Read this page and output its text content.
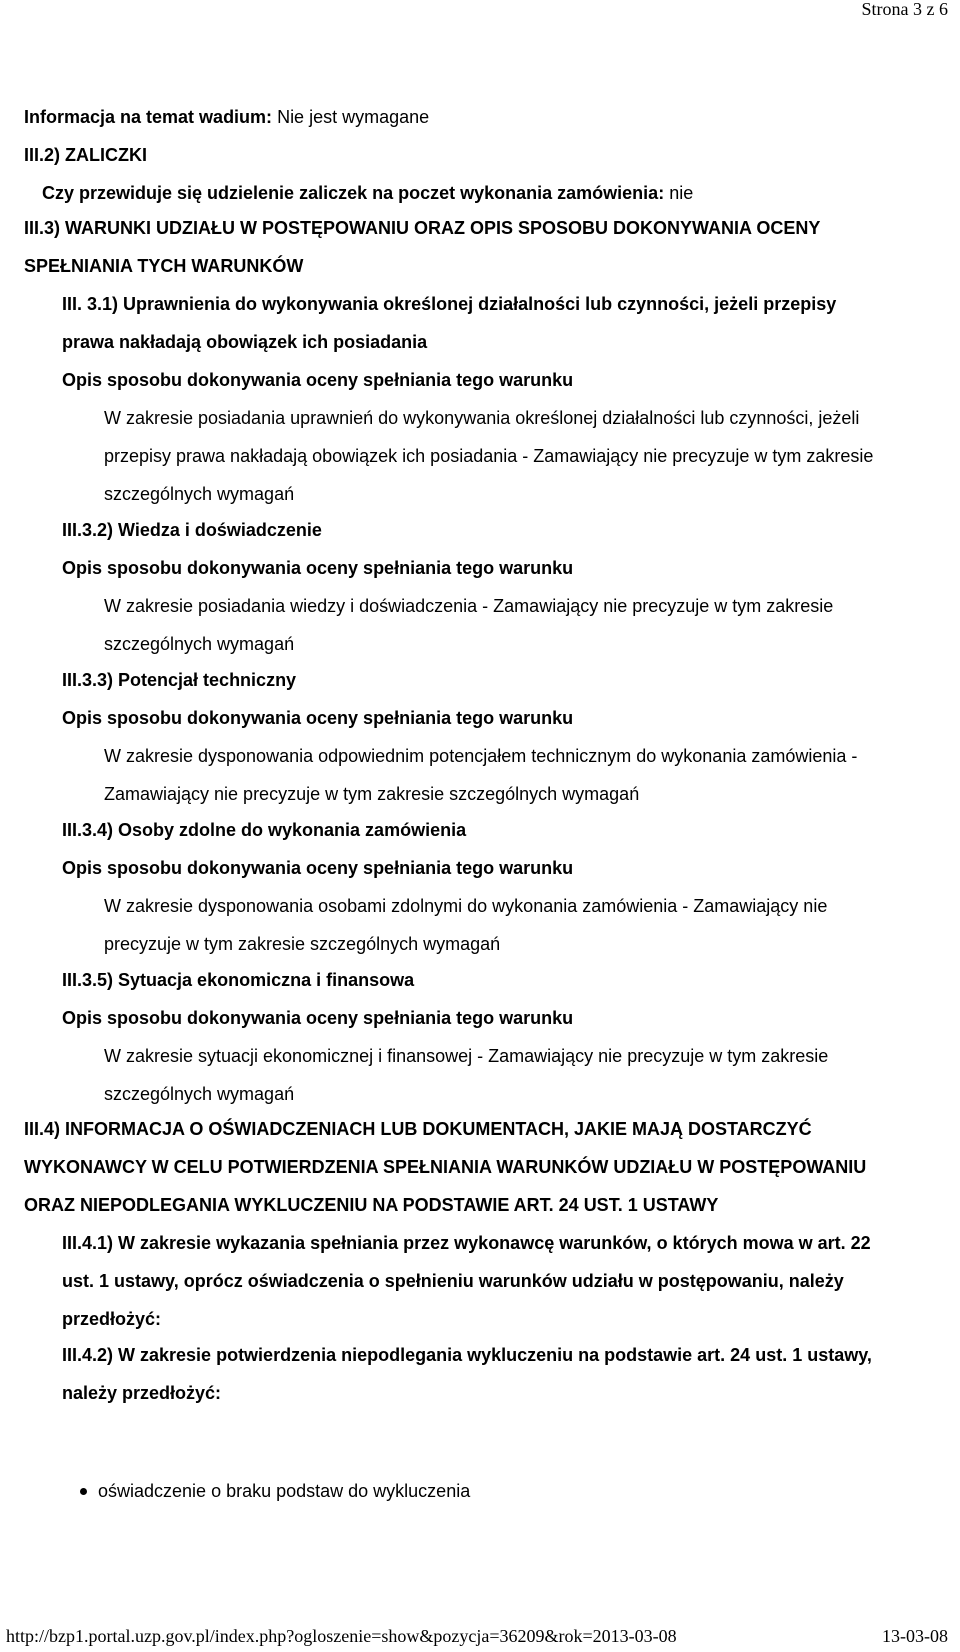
Strona 3 z 6
Informacja na temat wadium: Nie jest wymagane
III.2) ZALICZKI
Czy przewiduje się udzielenie zaliczek na poczet wykonania zamówienia: nie
III.3) WARUNKI UDZIAŁU W POSTĘPOWANIU ORAZ OPIS SPOSOBU DOKONYWANIA OCENY
SPEŁNIANIA TYCH WARUNKÓW
III. 3.1) Uprawnienia do wykonywania określonej działalności lub czynności, jeżeli przepisy
prawa nakładają obowiązek ich posiadania
Opis sposobu dokonywania oceny spełniania tego warunku
W zakresie posiadania uprawnień do wykonywania określonej działalności lub czynności, jeżeli
przepisy prawa nakładają obowiązek ich posiadania - Zamawiający nie precyzuje w tym zakresie
szczególnych wymagań
III.3.2) Wiedza i doświadczenie
Opis sposobu dokonywania oceny spełniania tego warunku
W zakresie posiadania wiedzy i doświadczenia - Zamawiający nie precyzuje w tym zakresie
szczególnych wymagań
III.3.3) Potencjał techniczny
Opis sposobu dokonywania oceny spełniania tego warunku
W zakresie dysponowania odpowiednim potencjałem technicznym do wykonania zamówienia -
Zamawiający nie precyzuje w tym zakresie szczególnych wymagań
III.3.4) Osoby zdolne do wykonania zamówienia
Opis sposobu dokonywania oceny spełniania tego warunku
W zakresie dysponowania osobami zdolnymi do wykonania zamówienia - Zamawiający nie
precyzuje w tym zakresie szczególnych wymagań
III.3.5) Sytuacja ekonomiczna i finansowa
Opis sposobu dokonywania oceny spełniania tego warunku
W zakresie sytuacji ekonomicznej i finansowej - Zamawiający nie precyzuje w tym zakresie
szczególnych wymagań
III.4) INFORMACJA O OŚWIADCZENIACH LUB DOKUMENTACH, JAKIE MAJĄ DOSTARCZYĆ
WYKONAWCY W CELU POTWIERDZENIA SPEŁNIANIA WARUNKÓW UDZIAŁU W POSTĘPOWANIU
ORAZ NIEPODLEGANIA WYKLUCZENIU NA PODSTAWIE ART. 24 UST. 1 USTAWY
III.4.1) W zakresie wykazania spełniania przez wykonawcę warunków, o których mowa w art. 22
ust. 1 ustawy, oprócz oświadczenia o spełnieniu warunków udziału w postępowaniu, należy
przedłożyć:
III.4.2) W zakresie potwierdzenia niepodlegania wykluczeniu na podstawie art. 24 ust. 1 ustawy,
należy przedłożyć:
oświadczenie o braku podstaw do wykluczenia
http://bzp1.portal.uzp.gov.pl/index.php?ogloszenie=show&pozycja=36209&rok=2013-03-08	13-03-08
